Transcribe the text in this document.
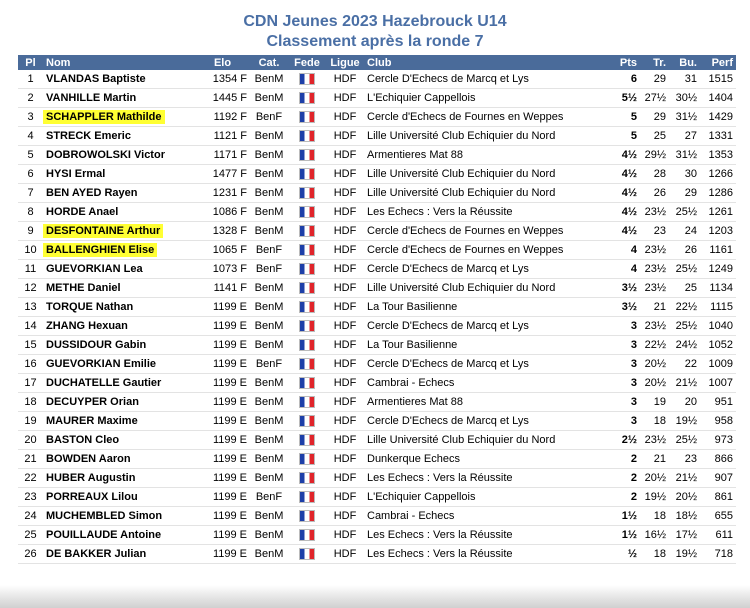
CDN Jeunes 2023 Hazebrouck U14
Classement après la ronde 7
Pl	Nom	Elo	Cat.	Fede	Ligue	Club	Pts	Tr.	Bu.	Perf
1	VLANDAS Baptiste	1354 F	BenM		HDF	Cercle D'Echecs de Marcq et Lys	6	29	31	1515
2	VANHILLE Martin	1445 F	BenM		HDF	L'Echiquier Cappellois	5½	27½	30½	1404
3	SCHAPPLER Mathilde	1192 F	BenF		HDF	Cercle d'Echecs de Fournes en Weppes	5	29	31½	1429
4	STRECK Emeric	1121 F	BenM		HDF	Lille Université Club Echiquier du Nord	5	25	27	1331
5	DOBROWOLSKI Victor	1171 F	BenM		HDF	Armentieres Mat 88	4½	29½	31½	1353
6	HYSI Ermal	1477 F	BenM		HDF	Lille Université Club Echiquier du Nord	4½	28	30	1266
7	BEN AYED Rayen	1231 F	BenM		HDF	Lille Université Club Echiquier du Nord	4½	26	29	1286
8	HORDE Anael	1086 F	BenM		HDF	Les Echecs : Vers la Réussite	4½	23½	25½	1261
9	DESFONTAINE Arthur	1328 F	BenM		HDF	Cercle d'Echecs de Fournes en Weppes	4½	23	24	1203
10	BALLENGHIEN Elise	1065 F	BenF		HDF	Cercle d'Echecs de Fournes en Weppes	4	23½	26	1161
11	GUEVORKIAN Lea	1073 F	BenF		HDF	Cercle D'Echecs de Marcq et Lys	4	23½	25½	1249
12	METHE Daniel	1141 F	BenM		HDF	Lille Université Club Echiquier du Nord	3½	23½	25	1134
13	TORQUE Nathan	1199 E	BenM		HDF	La Tour Basilienne	3½	21	22½	1115
14	ZHANG Hexuan	1199 E	BenM		HDF	Cercle D'Echecs de Marcq et Lys	3	23½	25½	1040
15	DUSSIDOUR Gabin	1199 E	BenM		HDF	La Tour Basilienne	3	22½	24½	1052
16	GUEVORKIAN Emilie	1199 E	BenF		HDF	Cercle D'Echecs de Marcq et Lys	3	20½	22	1009
17	DUCHATELLE Gautier	1199 E	BenM		HDF	Cambrai - Echecs	3	20½	21½	1007
18	DECUYPER Orian	1199 E	BenM		HDF	Armentieres Mat 88	3	19	20	951
19	MAURER Maxime	1199 E	BenM		HDF	Cercle D'Echecs de Marcq et Lys	3	18	19½	958
20	BASTON Cleo	1199 E	BenM		HDF	Lille Université Club Echiquier du Nord	2½	23½	25½	973
21	BOWDEN Aaron	1199 E	BenM		HDF	Dunkerque Echecs	2	21	23	866
22	HUBER Augustin	1199 E	BenM		HDF	Les Echecs : Vers la Réussite	2	20½	21½	907
23	PORREAUX Lilou	1199 E	BenF		HDF	L'Echiquier Cappellois	2	19½	20½	861
24	MUCHEMBLED Simon	1199 E	BenM		HDF	Cambrai - Echecs	1½	18	18½	655
25	POUILLAUDE Antoine	1199 E	BenM		HDF	Les Echecs : Vers la Réussite	1½	16½	17½	611
26	DE BAKKER Julian	1199 E	BenM		HDF	Les Echecs : Vers la Réussite	½	18	19½	718
